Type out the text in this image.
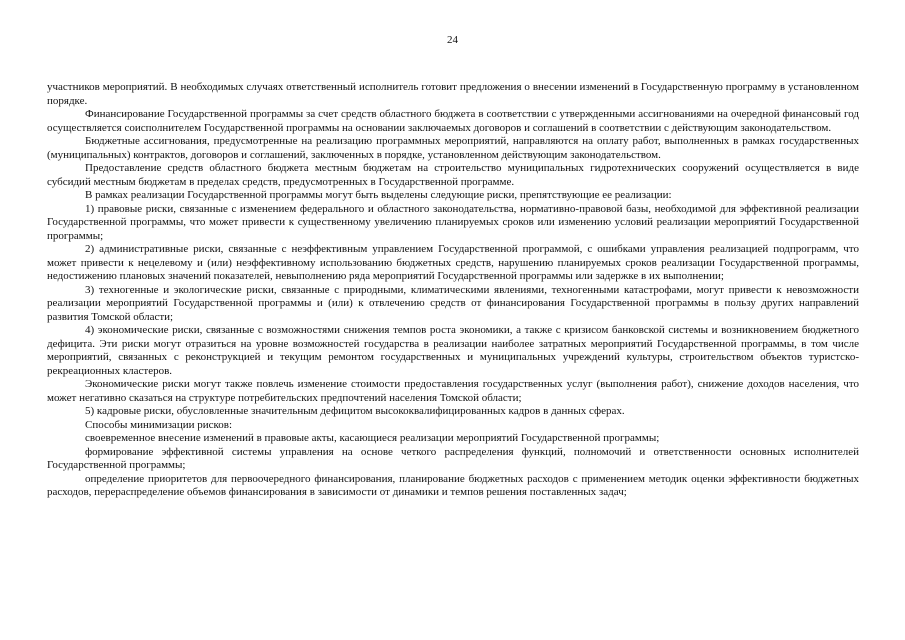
24

участников мероприятий. В необходимых случаях ответственный исполнитель готовит предложения о внесении изменений в Государственную программу в установленном порядке.

Финансирование Государственной программы за счет средств областного бюджета в соответствии с утвержденными ассигнованиями на очередной финансовый год осуществляется соисполнителем Государственной программы на основании заключаемых договоров и соглашений в соответствии с действующим законодательством.

Бюджетные ассигнования, предусмотренные на реализацию программных мероприятий, направляются на оплату работ, выполненных в рамках государственных (муниципальных) контрактов, договоров и соглашений, заключенных в порядке, установленном действующим законодательством.

Предоставление средств областного бюджета местным бюджетам на строительство муниципальных гидротехнических сооружений осуществляется в виде субсидий местным бюджетам в пределах средств, предусмотренных в Государственной программе.

В рамках реализации Государственной программы могут быть выделены следующие риски, препятствующие ее реализации:

1) правовые риски, связанные с изменением федерального и областного законодательства, нормативно-правовой базы, необходимой для эффективной реализации Государственной программы, что может привести к существенному увеличению планируемых сроков или изменению условий реализации мероприятий Государственной программы;

2) административные риски, связанные с неэффективным управлением Государственной программой, с ошибками управления реализацией подпрограмм, что может привести к нецелевому и (или) неэффективному использованию бюджетных средств, нарушению планируемых сроков реализации Государственной программы, недостижению плановых значений показателей, невыполнению ряда мероприятий Государственной программы или задержке в их выполнении;

3) техногенные и экологические риски, связанные с природными, климатическими явлениями, техногенными катастрофами, могут привести к невозможности реализации мероприятий Государственной программы и (или) к отвлечению средств от финансирования Государственной программы в пользу других направлений развития Томской области;

4) экономические риски, связанные с возможностями снижения темпов роста экономики, а также с кризисом банковской системы и возникновением бюджетного дефицита. Эти риски могут отразиться на уровне возможностей государства в реализации наиболее затратных мероприятий Государственной программы, в том числе мероприятий, связанных с реконструкцией и текущим ремонтом государственных и муниципальных учреждений культуры, строительством объектов туристско-рекреационных кластеров.

Экономические риски могут также повлечь изменение стоимости предоставления государственных услуг (выполнения работ), снижение доходов населения, что может негативно сказаться на структуре потребительских предпочтений населения Томской области;

5) кадровые риски, обусловленные значительным дефицитом высококвалифицированных кадров в данных сферах.

Способы минимизации рисков:

своевременное внесение изменений в правовые акты, касающиеся реализации мероприятий Государственной программы;

формирование эффективной системы управления на основе четкого распределения функций, полномочий и ответственности основных исполнителей Государственной программы;

определение приоритетов для первоочередного финансирования, планирование бюджетных расходов с применением методик оценки эффективности бюджетных расходов, перераспределение объемов финансирования в зависимости от динамики и темпов решения поставленных задач;
